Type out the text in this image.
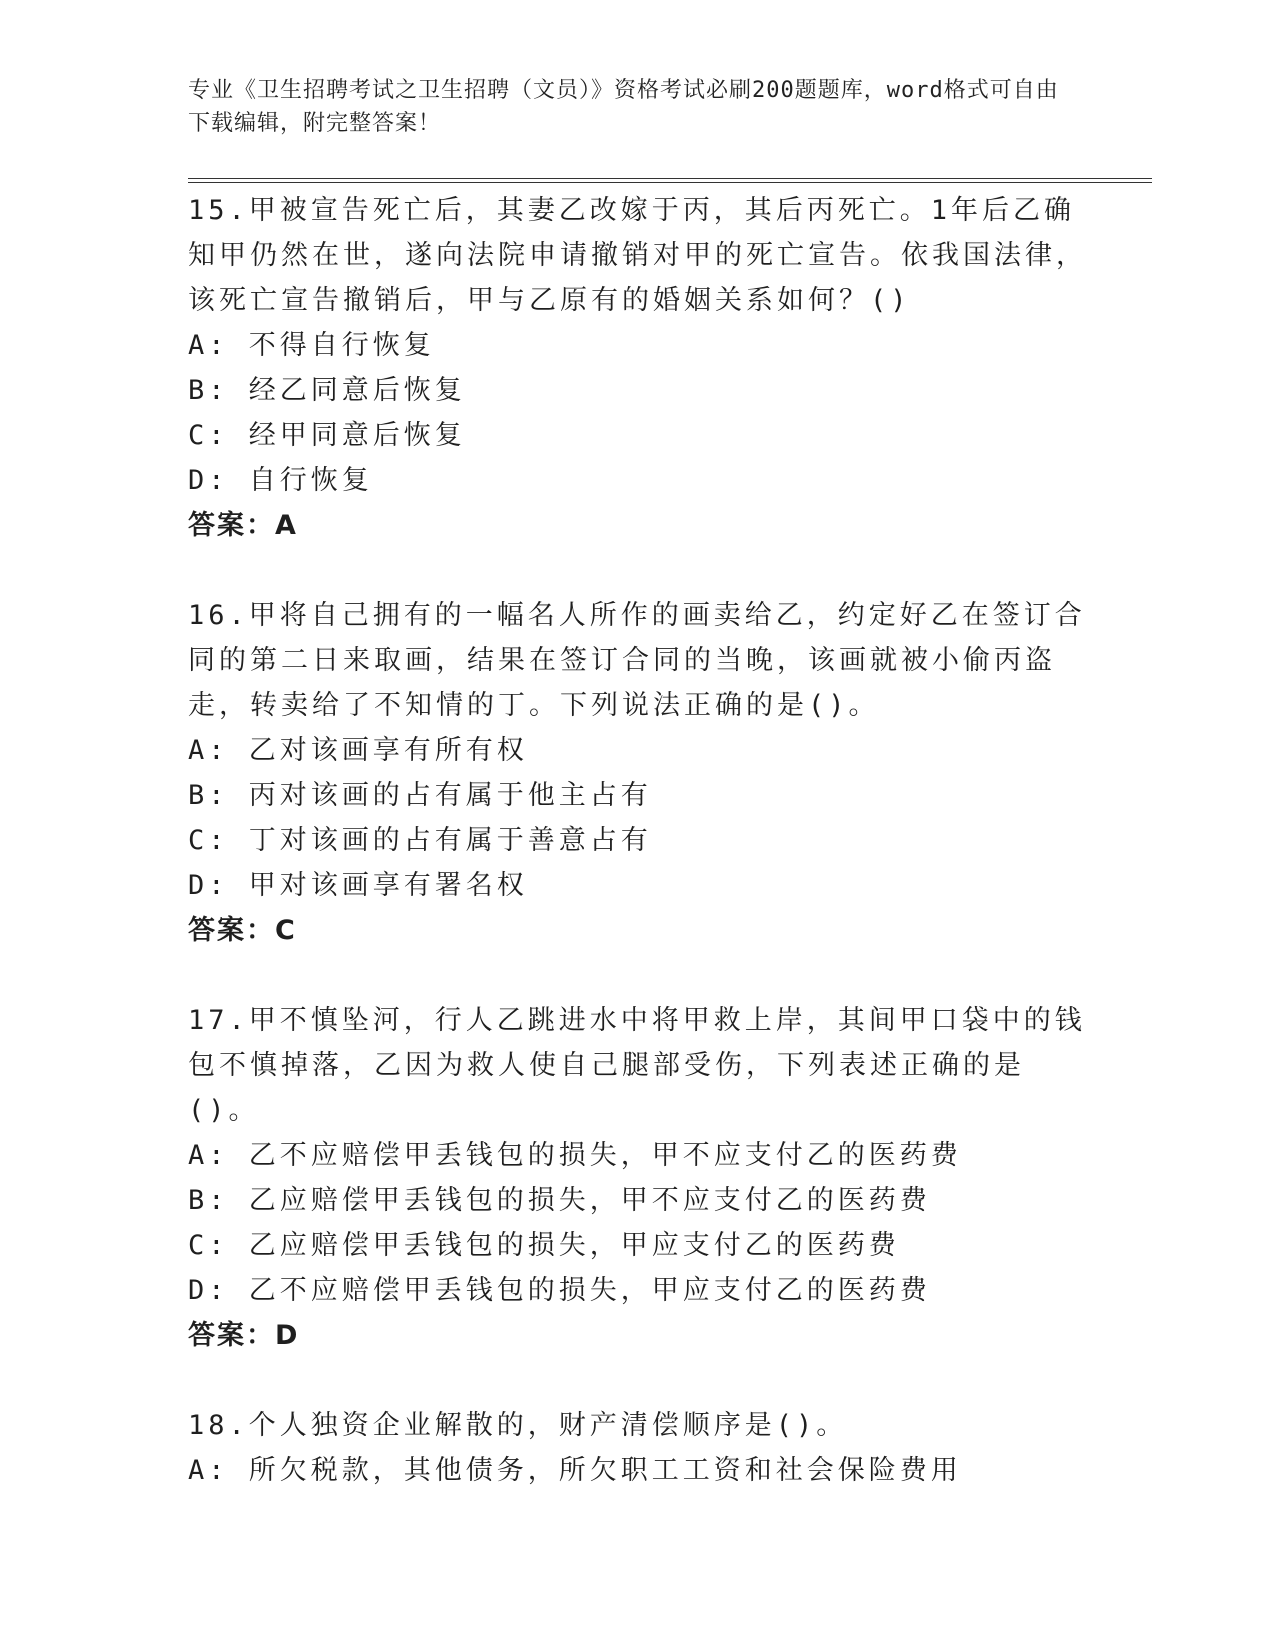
专业《卫生招聘考试之卫生招聘（文员）》资格考试必刷200题题库，word格式可自由下载编辑，附完整答案！
15.甲被宣告死亡后，其妻乙改嫁于丙，其后丙死亡。1年后乙确知甲仍然在世，遂向法院申请撤销对甲的死亡宣告。依我国法律，该死亡宣告撤销后，甲与乙原有的婚姻关系如何？()
A: 不得自行恢复
B: 经乙同意后恢复
C: 经甲同意后恢复
D: 自行恢复
答案：A
16.甲将自己拥有的一幅名人所作的画卖给乙，约定好乙在签订合同的第二日来取画，结果在签订合同的当晚，该画就被小偷丙盗走，转卖给了不知情的丁。下列说法正确的是()。
A: 乙对该画享有所有权
B: 丙对该画的占有属于他主占有
C: 丁对该画的占有属于善意占有
D: 甲对该画享有署名权
答案：C
17.甲不慎坠河，行人乙跳进水中将甲救上岸，其间甲口袋中的钱包不慎掉落，乙因为救人使自己腿部受伤，下列表述正确的是()。
A: 乙不应赔偿甲丢钱包的损失，甲不应支付乙的医药费
B: 乙应赔偿甲丢钱包的损失，甲不应支付乙的医药费
C: 乙应赔偿甲丢钱包的损失，甲应支付乙的医药费
D: 乙不应赔偿甲丢钱包的损失，甲应支付乙的医药费
答案：D
18.个人独资企业解散的，财产清偿顺序是()。
A: 所欠税款，其他债务，所欠职工工资和社会保险费用
